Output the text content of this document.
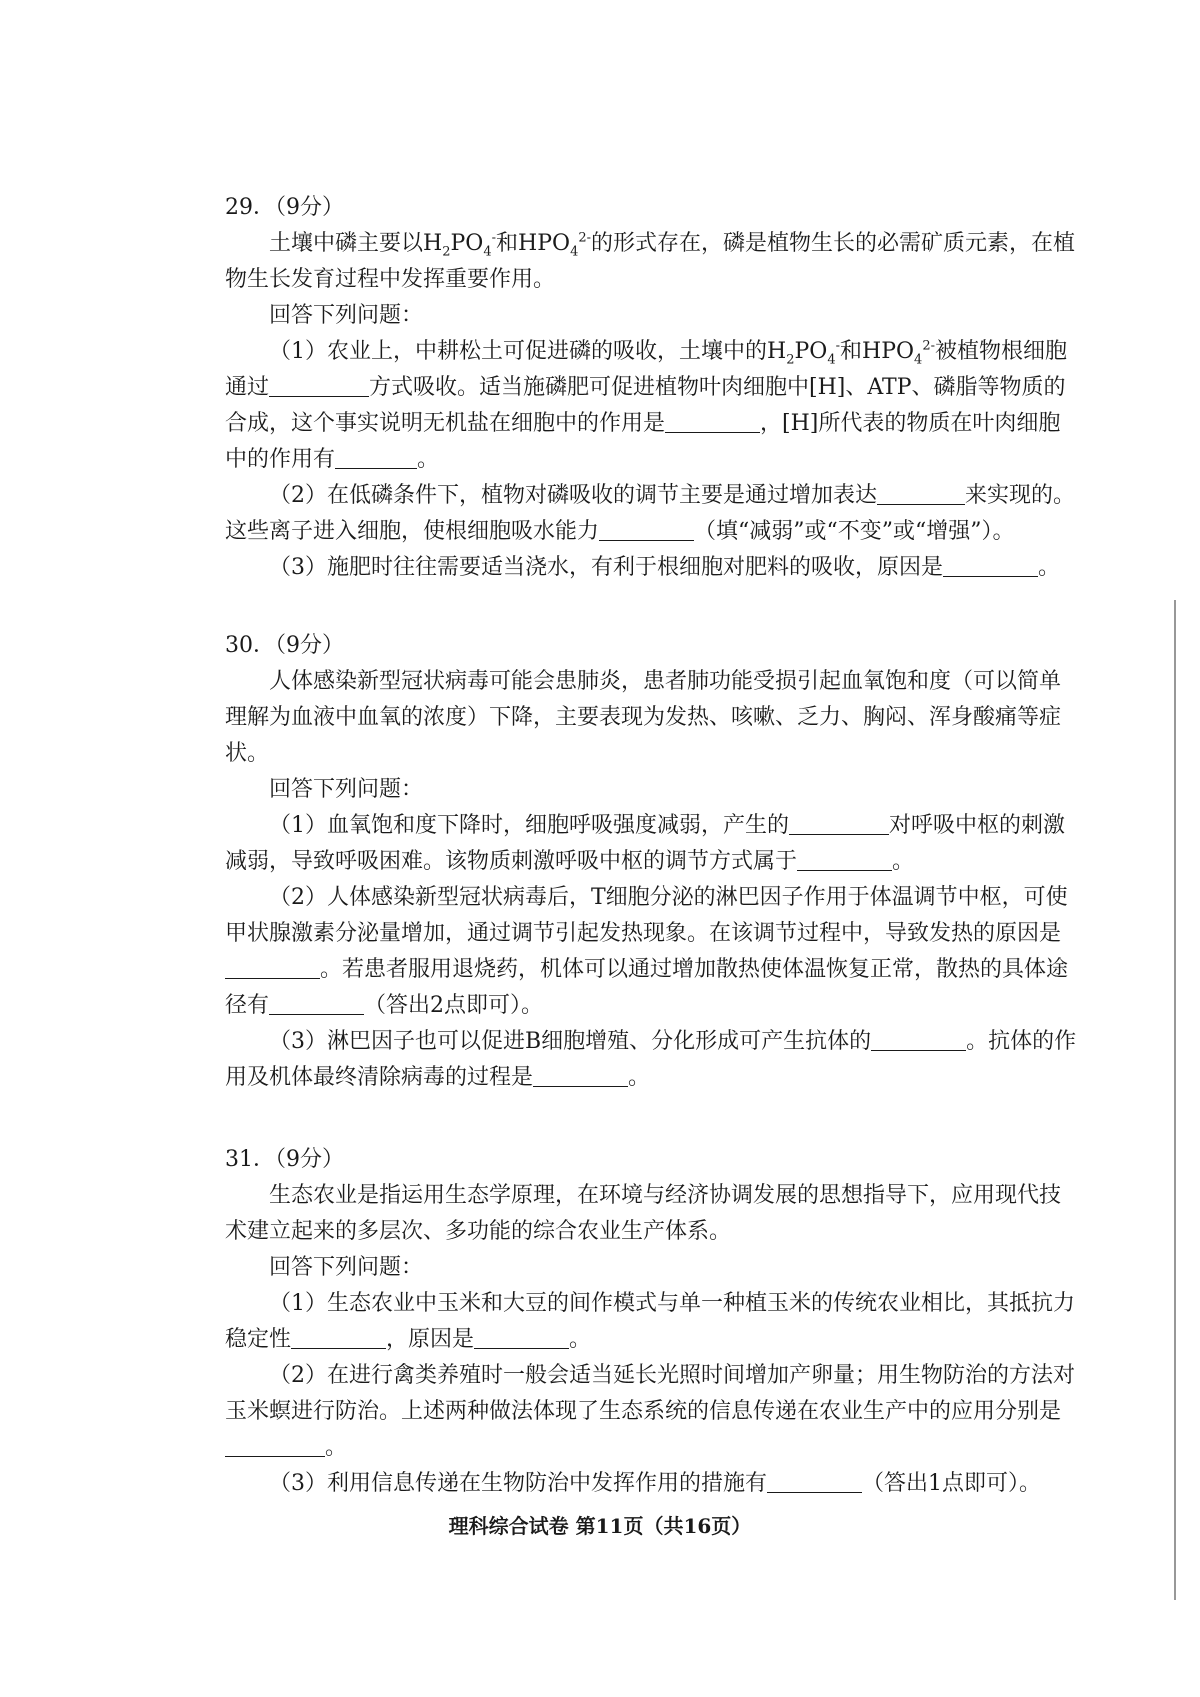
29．（9分）

土壤中磷主要以$H_2PO_4^-$和$HPO_4^{2-}$的形式存在，磷是植物生长的必需矿质元素，在植物生长发育过程中发挥重要作用。

回答下列问题：

（1）农业上，中耕松土可促进磷的吸收，土壤中的$H_2PO_4^-$和$HPO_4^{2-}$被植物根细胞通过	方式吸收。适当施磷肥可促进植物叶肉细胞中[H]、ATP、磷脂等物质的合成，这个事实说明无机盐在细胞中的作用是	，[H]所代表的物质在叶肉细胞中的作用有	。

（2）在低磷条件下，植物对磷吸收的调节主要是通过增加表达	来实现的。这些离子进入细胞，使根细胞吸水能力	（填“减弱”或“不变”或“增强”）。

（3）施肥时往往需要适当浇水，有利于根细胞对肥料的吸收，原因是	。

30．（9分）

人体感染新型冠状病毒可能会患肺炎，患者肺功能受损引起血氧饱和度（可以简单理解为血液中血氧的浓度）下降，主要表现为发热、咳嗽、乏力、胸闷、浑身酸痛等症状。

回答下列问题：

（1）血氧饱和度下降时，细胞呼吸强度减弱，产生的	对呼吸中枢的刺激减弱，导致呼吸困难。该物质刺激呼吸中枢的调节方式属于	。

（2）人体感染新型冠状病毒后，T细胞分泌的淋巴因子作用于体温调节中枢，可使甲状腺激素分泌量增加，通过调节引起发热现象。在该调节过程中，导致发热的原因是。若患者服用退烧药，机体可以通过增加散热使体温恢复正常，散热的具体途径有	（答出2点即可）。

（3）淋巴因子也可以促进B细胞增殖、分化形成可产生抗体的	。抗体的作用及机体最终清除病毒的过程是	。

31．（9分）

生态农业是指运用生态学原理，在环境与经济协调发展的思想指导下，应用现代技术建立起来的多层次、多功能的综合农业生产体系。

回答下列问题：

（1）生态农业中玉米和大豆的间作模式与单一种植玉米的传统农业相比，其抵抗力稳定性	，原因是	。

（2）在进行禽类养殖时一般会适当延长光照时间增加产卵量；用生物防治的方法对玉米螟进行防治。上述两种做法体现了生态系统的信息传递在农业生产中的应用分别是。

（3）利用信息传递在生物防治中发挥作用的措施有	（答出1点即可）。

理科综合试卷 第11页（共16页）
